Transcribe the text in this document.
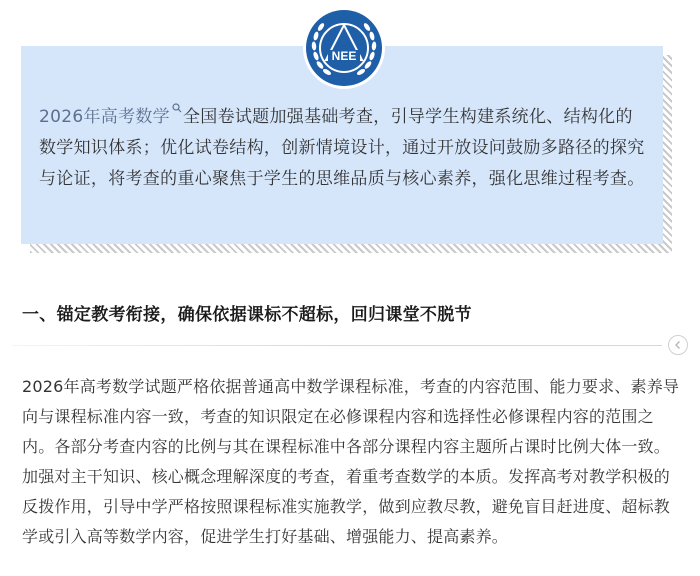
NEE

2026年高考数学 全国卷试题加强基础考查，引导学生构建系统化、结构化的数学知识体系；优化试卷结构，创新情境设计，通过开放设问鼓励多路径的探究与论证，将考查的重心聚焦于学生的思维品质与核心素养，强化思维过程考查。

一、锚定教考衔接，确保依据课标不超标，回归课堂不脱节

2026年高考数学试题严格依据普通高中数学课程标准，考查的内容范围、能力要求、素养导向与课程标准内容一致，考查的知识限定在必修课程内容和选择性必修课程内容的范围之内。各部分考查内容的比例与其在课程标准中各部分课程内容主题所占课时比例大体一致。加强对主干知识、核心概念理解深度的考查，着重考查数学的本质。发挥高考对教学积极的反拨作用，引导中学严格按照课程标准实施教学，做到应教尽教，避免盲目赶进度、超标教学或引入高等数学内容，促进学生打好基础、增强能力、提高素养。
